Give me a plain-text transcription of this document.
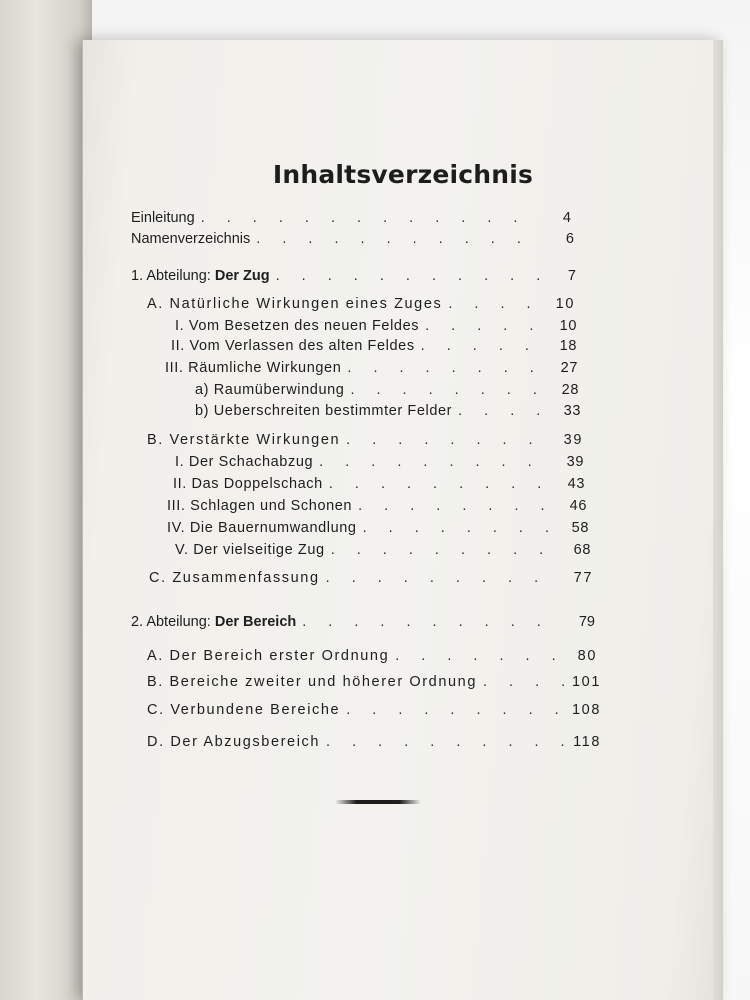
Inhaltsverzeichnis
Einleitung . . .	4
Namenverzeichnis . . .	6
1. Abteilung: Der Zug . . .	7
A. Natürliche Wirkungen eines Zuges . . .	10
I. Vom Besetzen des neuen Feldes . . .	10
II. Vom Verlassen des alten Feldes . . .	18
III. Räumliche Wirkungen . . .	27
a) Raumüberwindung . . .	28
b) Ueberschreiten bestimmter Felder . . .	33
B. Verstärkte Wirkungen . . .	39
I. Der Schachabzug . . .	39
II. Das Doppelschach . . .	43
III. Schlagen und Schonen . . .	46
IV. Die Bauernumwandlung . . .	58
V. Der vielseitige Zug . . .	68
C. Zusammenfassung . . .	77
2. Abteilung: Der Bereich . . .	79
A. Der Bereich erster Ordnung . . .	80
B. Bereiche zweiter und höherer Ordnung . . .	101
C. Verbundene Bereiche . . .	108
D. Der Abzugsbereich . . .	118
